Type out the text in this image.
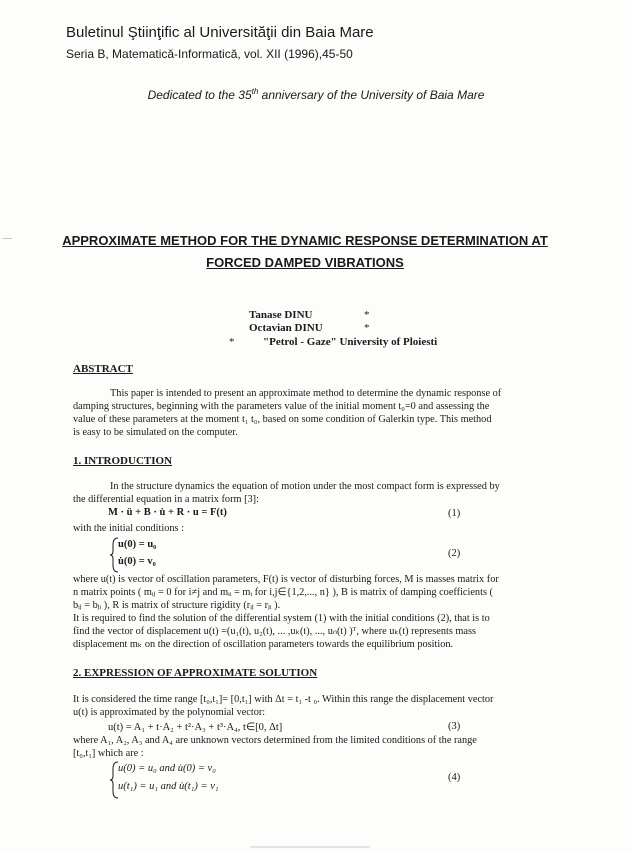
Buletinul Ştiinţific al Universităţii din Baia Mare
Seria B, Matematică-Informatică, vol. XII (1996),45-50
Dedicated to the 35th anniversary of the University of Baia Mare
APPROXIMATE METHOD FOR THE DYNAMIC RESPONSE DETERMINATION AT
FORCED DAMPED VIBRATIONS
Tanase DINU	*
Octavian DINU	*
*	"Petrol - Gaze" University of Ploiesti
ABSTRACT
This paper is intended to present an approximate method to determine the dynamic response of
damping structures, beginning with the parameters value of the initial moment t₀=0 and assessing the
value of these parameters at the moment t₁ t₀, based on some condition of Galerkin type. This method
is easy to be simulated on the computer.
1. INTRODUCTION
In the structure dynamics the equation of motion under the most compact form is expressed by
the differential equation in a matrix form [3]:
M · ü + B · u̇ + R · u = F(t)	(1)
with the initial conditions :
u(0) = u₀
u̇(0) = v₀
(2)
where u(t) is vector of oscillation parameters, F(t) is vector of disturbing forces, M is masses matrix for
n matrix points ( mᵢⱼ = 0 for i≠j and mᵢᵢ = mᵢ for i,j∈{1,2,..., n} ), B is matrix of damping coefficients (
bᵢⱼ = bⱼᵢ ), R is matrix of structure rigidity (rᵢⱼ = rⱼᵢ ).
It is required to find the solution of the differential system (1) with the initial conditions (2), that is to
find the vector of displacement u(t) =(u₁(t), u₂(t), ... ,uₖ(t), ..., uₙ(t) )ᵀ, where uₖ(t) represents mass
displacement mₖ on the direction of oscillation parameters towards the equilibrium position.
2. EXPRESSION OF APPROXIMATE SOLUTION
It is considered the time range [t₀,t₁]= [0,t₁] with Δt = t₁ -t ₀. Within this range the displacement vector
u(t) is approximated by the polynomial vector:
u(t) = A₁ + t·A₂ + t²·A₃ + t³·A₄, t∈[0, Δt]	(3)
where A₁, A₂, A₃ and A₄ are unknown vectors determined from the limited conditions of the range
[t₀,t₁] which are :
u(0) = u₀ and u̇(0) = v₀
u(t₁) = u₁ and u̇(t₁) = v₁
(4)
